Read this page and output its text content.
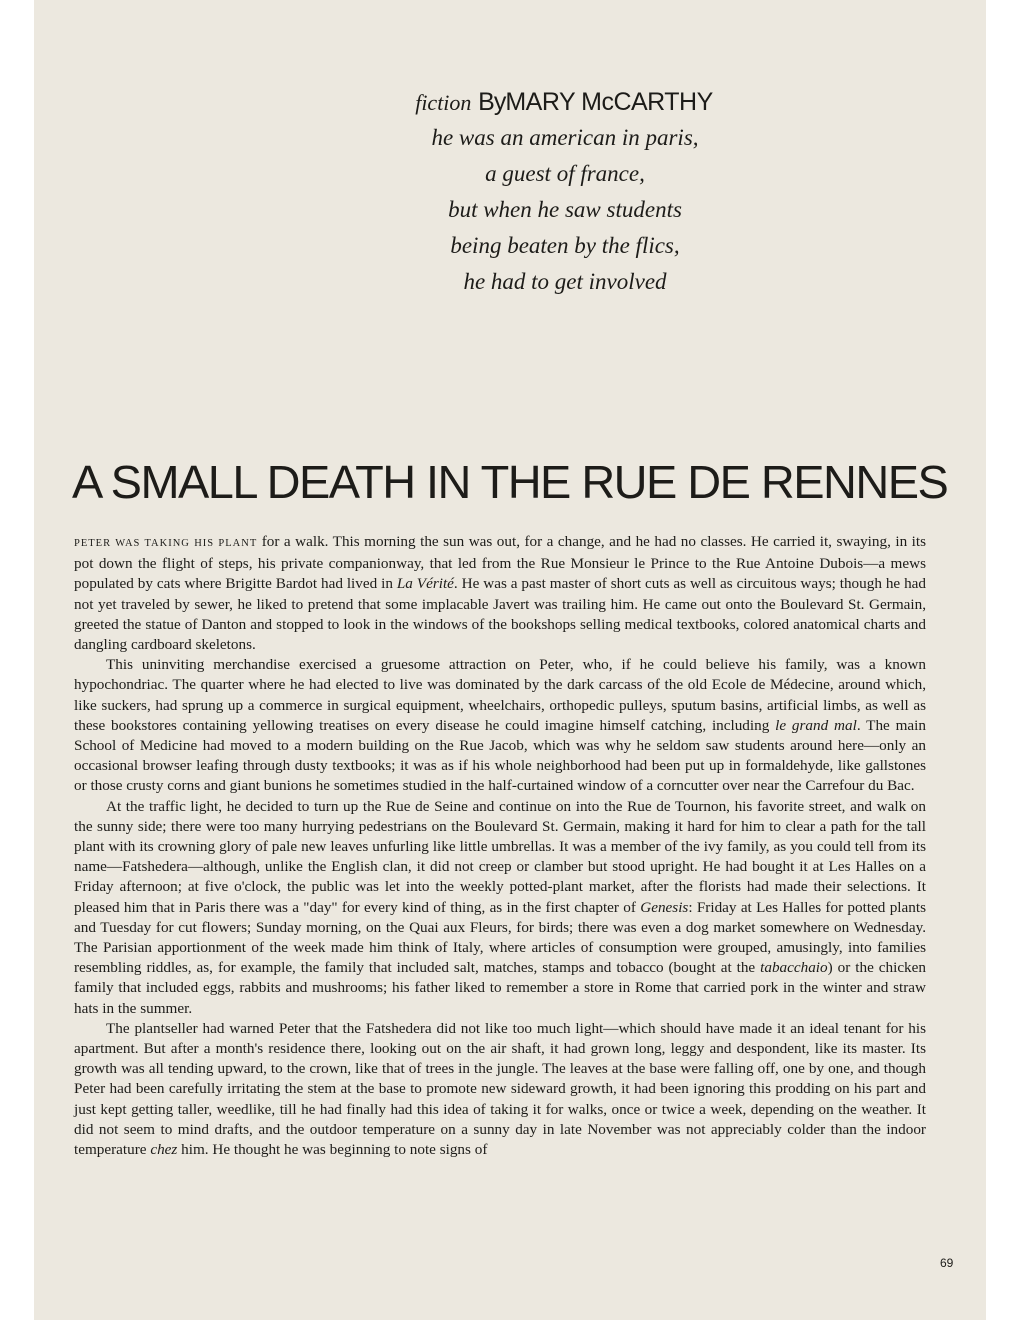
fiction ByMARY McCARTHY
he was an american in paris,
a guest of france,
but when he saw students
being beaten by the flics,
he had to get involved
A SMALL DEATH IN THE RUE DE RENNES

PETER WAS TAKING HIS PLANT for a walk. This morning the sun was out, for a change, and he had no classes. He carried it, swaying, in its pot down the flight of steps, his private companionway, that led from the Rue Monsieur le Prince to the Rue Antoine Dubois—a mews populated by cats where Brigitte Bardot had lived in La Vérité. He was a past master of short cuts as well as circuitous ways; though he had not yet traveled by sewer, he liked to pretend that some implacable Javert was trailing him. He came out onto the Boulevard St. Germain, greeted the statue of Danton and stopped to look in the windows of the bookshops selling medical textbooks, colored anatomical charts and dangling cardboard skeletons.

This uninviting merchandise exercised a gruesome attraction on Peter, who, if he could believe his family, was a known hypochondriac. The quarter where he had elected to live was dominated by the dark carcass of the old Ecole de Médecine, around which, like suckers, had sprung up a commerce in surgical equipment, wheelchairs, orthopedic pulleys, sputum basins, artificial limbs, as well as these bookstores containing yellowing treatises on every disease he could imagine himself catching, including le grand mal. The main School of Medicine had moved to a modern building on the Rue Jacob, which was why he seldom saw students around here—only an occasional browser leafing through dusty textbooks; it was as if his whole neighborhood had been put up in formaldehyde, like gallstones or those crusty corns and giant bunions he sometimes studied in the half-curtained window of a corncutter over near the Carrefour du Bac.

At the traffic light, he decided to turn up the Rue de Seine and continue on into the Rue de Tournon, his favorite street, and walk on the sunny side; there were too many hurrying pedestrians on the Boulevard St. Germain, making it hard for him to clear a path for the tall plant with its crowning glory of pale new leaves unfurling like little umbrellas. It was a member of the ivy family, as you could tell from its name—Fatshedera—although, unlike the English clan, it did not creep or clamber but stood upright. He had bought it at Les Halles on a Friday afternoon; at five o'clock, the public was let into the weekly potted-plant market, after the florists had made their selections. It pleased him that in Paris there was a "day" for every kind of thing, as in the first chapter of Genesis: Friday at Les Halles for potted plants and Tuesday for cut flowers; Sunday morning, on the Quai aux Fleurs, for birds; there was even a dog market somewhere on Wednesday. The Parisian apportionment of the week made him think of Italy, where articles of consumption were grouped, amusingly, into families resembling riddles, as, for example, the family that included salt, matches, stamps and tobacco (bought at the tabacchaio) or the chicken family that included eggs, rabbits and mushrooms; his father liked to remember a store in Rome that carried pork in the winter and straw hats in the summer.

The plantseller had warned Peter that the Fatshedera did not like too much light—which should have made it an ideal tenant for his apartment. But after a month's residence there, looking out on the air shaft, it had grown long, leggy and despondent, like its master. Its growth was all tending upward, to the crown, like that of trees in the jungle. The leaves at the base were falling off, one by one, and though Peter had been carefully irritating the stem at the base to promote new sideward growth, it had been ignoring this prodding on his part and just kept getting taller, weedlike, till he had finally had this idea of taking it for walks, once or twice a week, depending on the weather. It did not seem to mind drafts, and the outdoor temperature on a sunny day in late November was not appreciably colder than the indoor temperature chez him. He thought he was beginning to note signs of

69
